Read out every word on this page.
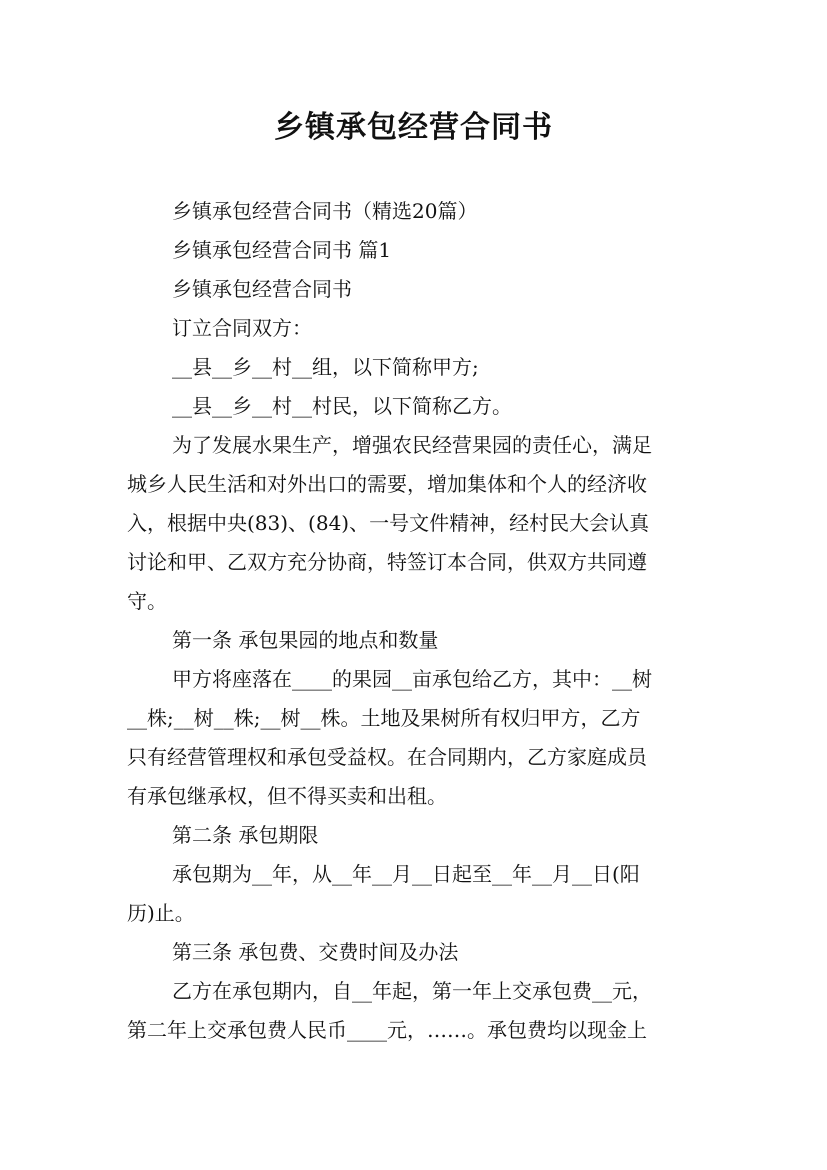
乡镇承包经营合同书
乡镇承包经营合同书（精选20篇）
乡镇承包经营合同书 篇1
乡镇承包经营合同书
订立合同双方：
__县__乡__村__组，以下简称甲方;
__县__乡__村__村民，以下简称乙方。
为了发展水果生产，增强农民经营果园的责任心，满足
城乡人民生活和对外出口的需要，增加集体和个人的经济收
入，根据中央(83)、(84)、一号文件精神，经村民大会认真
讨论和甲、乙双方充分协商，特签订本合同，供双方共同遵
守。
第一条 承包果园的地点和数量
甲方将座落在____的果园__亩承包给乙方，其中：__树
__株;__树__株;__树__株。土地及果树所有权归甲方，乙方
只有经营管理权和承包受益权。在合同期内，乙方家庭成员
有承包继承权，但不得买卖和出租。
第二条 承包期限
承包期为__年，从__年__月__日起至__年__月__日(阳
历)止。
第三条 承包费、交费时间及办法
乙方在承包期内，自__年起，第一年上交承包费__元，
第二年上交承包费人民币____元，……。承包费均以现金上
